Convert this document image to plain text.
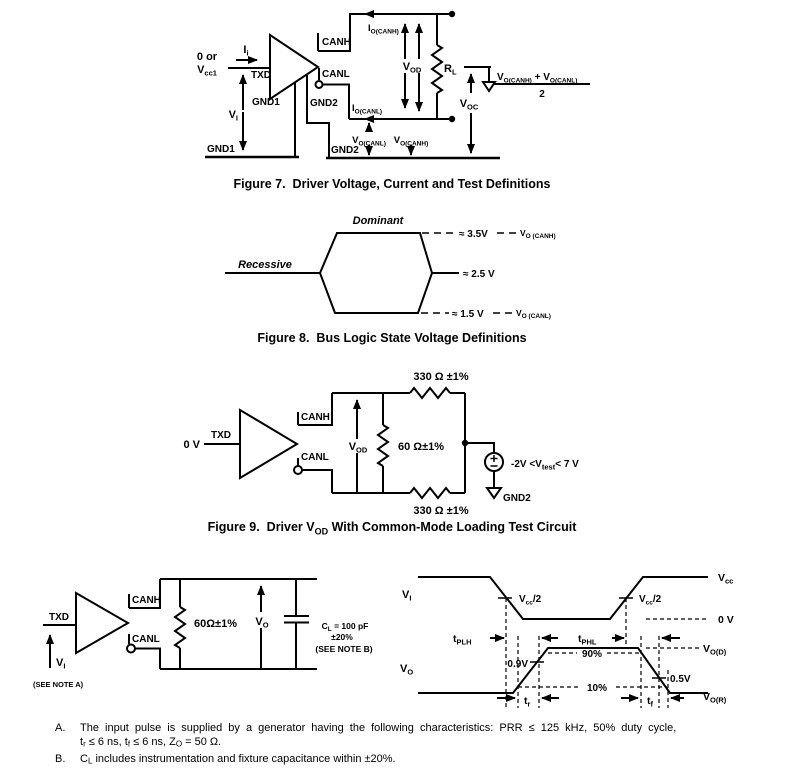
0 or
$V_{cc1}$
$I_i$
TXD
$V_I$
GND1	GND2
CANH
CANL
GND1	GND2
$I_{O(CANH)}$
$I_{O(CANL)}$
$V_{OD}$ $R_L$
$V_{O(CANL)}$ $V_{O(CANH)}$
$V_{OC}$
$V_{O(CANH)} + V_{O(CANL)}$
2
Figure 7.  Driver Voltage, Current and Test Definitions
Dominant
Recessive
≈ 3.5V	$V_{O (CANH)}$
≈ 2.5 V
≈ 1.5 V	$V_{O (CANL)}$
Figure 8.  Bus Logic State Voltage Definitions
0 V
TXD
CANH
CANL
330 Ω ±1%
330 Ω ±1%
60 Ω±1%
$V_{OD}$
$-2V <V_{test}< 7$ V
GND2
Figure 9.  Driver $V_{OD}$ With Common-Mode Loading Test Circuit
TXD
$V_I$
(SEE NOTE A)
CANH
CANL
60Ω±1% $V_O$	$C_L = 100$ pF
±20%
(SEE NOTE B)
$V_I$
$V_O$
$V_{cc}$
0 V
$V_{cc}/2$	$V_{cc}/2$
$t_{PLH}$	$t_{PHL}$
0.9V
0.5V
90%
10%
$V_{O(D)}$
$V_{O(R)}$
$t_r$	$t_f$
A.	The input pulse is supplied by a generator having the following characteristics: PRR ≤ 125 kHz, 50% duty cycle,
$t_r \le 6$ ns, $t_f \le 6$ ns, $Z_O = 50$ Ω.
B.	$C_L$ includes instrumentation and fixture capacitance within ±20%.
